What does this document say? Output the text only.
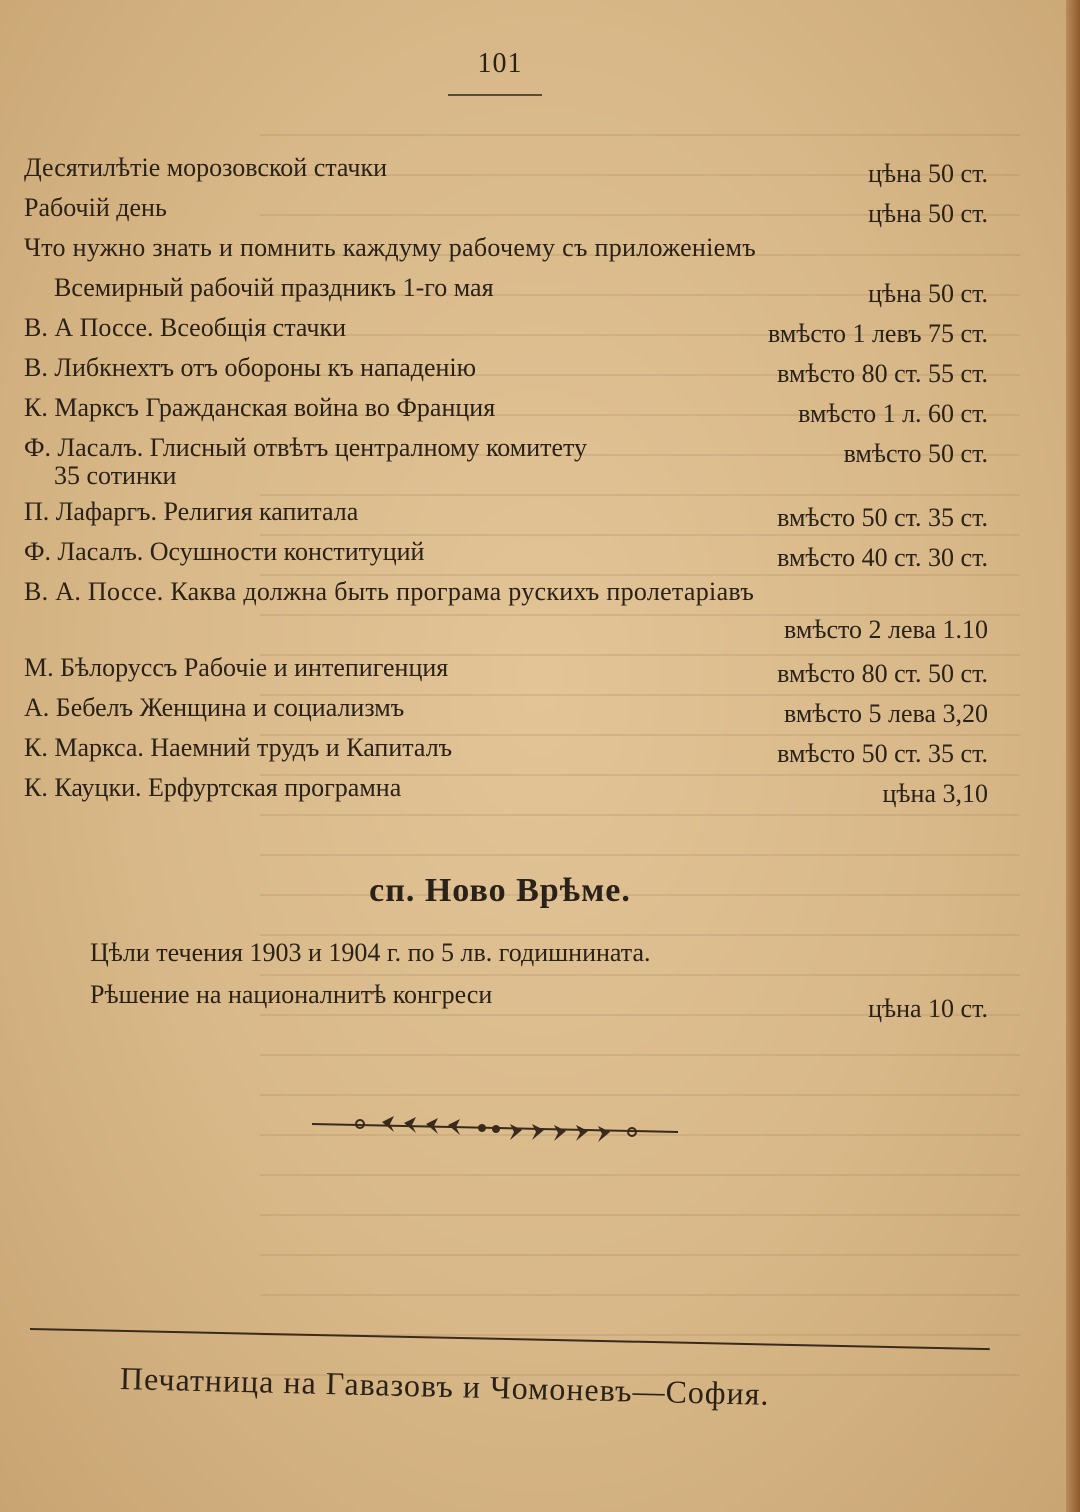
101
Десятилѣтіе морозовской стачки	цѣна 50 ст.
Рабочій день	цѣна 50 ст.
Что нужно знать и помнить каждуму рабочему съ приложеніемъ
Всемирный рабочій праздникъ 1-го мая	цѣна 50 ст.
В. А Поссе. Всеобщія стачки	вмѣсто 1 левъ 75 ст.
В. Либкнехтъ отъ обороны къ нападенію	вмѣсто 80 ст. 55 ст.
К. Марксъ Гражданская война во Франция	вмѣсто 1 л. 60 ст.
Ф. Ласалъ. Глисный отвѣтъ централному комитету	вмѣсто 50 ст.
35 сотинки
П. Лафаргъ. Религия капитала	вмѣсто 50 ст. 35 ст.
Ф. Ласалъ. Осушности конституций	вмѣсто 40 ст. 30 ст.
В. А. Поссе. Каква должна быть програма рускихъ пролетаріавъ
вмѣсто 2 лева 1.10
М. Бѣлоруссъ Рабочіе и интепигенция	вмѣсто 80 ст. 50 ст.
А. Бебелъ Женщина и социализмъ	вмѣсто 5 лева 3,20
К. Маркса. Наемний трудъ и Капиталъ	вмѣсто 50 ст. 35 ст.
К. Кауцки. Ерфуртская програмна	цѣна 3,10
сп. Ново Врѣме.
Цѣли течения 1903 и 1904 г. по 5 лв. годишнината.
Рѣшение на националнитѣ конгреси	цѣна 10 ст.
Печатница на Гавазовъ и Чомоневъ—София.
